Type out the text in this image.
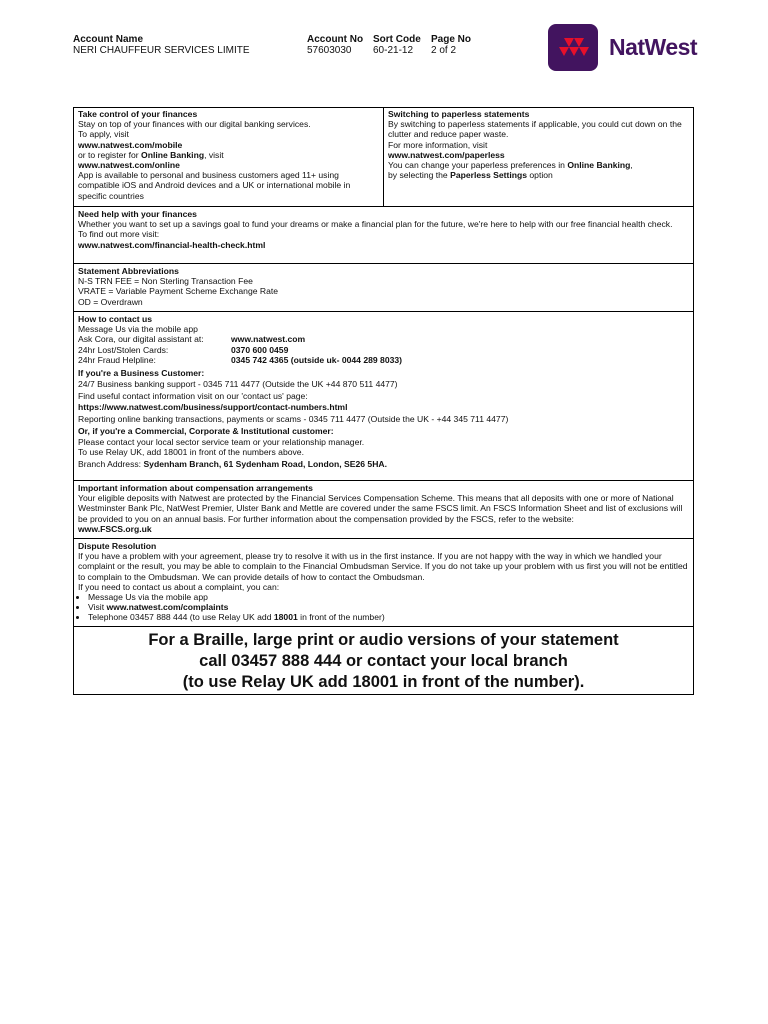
Account Name
NERI CHAUFFEUR SERVICES LIMITE
Account No
57603030
Sort Code
60-21-12
Page No
2 of 2	NatWest
Take control of your finances
Stay on top of your finances with our digital banking services.
To apply, visit
www.natwest.com/mobile
or to register for Online Banking, visit
www.natwest.com/online
App is available to personal and business customers aged 11+ using compatible iOS and Android devices and a UK or international mobile in specific countries
Switching to paperless statements
By switching to paperless statements if applicable, you could cut down on the clutter and reduce paper waste.
For more information, visit
www.natwest.com/paperless
You can change your paperless preferences in Online Banking,
by selecting the Paperless Settings option
Need help with your finances
Whether you want to set up a savings goal to fund your dreams or make a financial plan for the future, we're here to help with our free financial health check.
To find out more visit:
www.natwest.com/financial-health-check.html
Statement Abbreviations
N-S TRN FEE = Non Sterling Transaction Fee
VRATE = Variable Payment Scheme Exchange Rate
OD = Overdrawn
How to contact us
Message Us via the mobile app
Ask Cora, our digital assistant at:	www.natwest.com
24hr Lost/Stolen Cards:	0370 600 0459
24hr Fraud Helpline:	0345 742 4365 (outside uk- 0044 289 8033)
If you're a Business Customer:
24/7 Business banking support - 0345 711 4477 (Outside the UK +44 870 511 4477)
Find useful contact information visit on our 'contact us' page:
https://www.natwest.com/business/support/contact-numbers.html
Reporting online banking transactions, payments or scams - 0345 711 4477 (Outside the UK - +44 345 711 4477)
Or, if you're a Commercial, Corporate & Institutional customer:
Please contact your local sector service team or your relationship manager.
To use Relay UK, add 18001 in front of the numbers above.
Branch Address: Sydenham Branch, 61 Sydenham Road, London, SE26 5HA.
Important information about compensation arrangements
Your eligible deposits with Natwest are protected by the Financial Services Compensation Scheme. This means that all deposits with one or more of National Westminster Bank Plc, NatWest Premier, Ulster Bank and Mettle are covered under the same FSCS limit. An FSCS Information Sheet and list of exclusions will be provided to you on an annual basis. For further information about the compensation provided by the FSCS, refer to the website:
www.FSCS.org.uk
Dispute Resolution
If you have a problem with your agreement, please try to resolve it with us in the first instance. If you are not happy with the way in which we handled your complaint or the result, you may be able to complain to the Financial Ombudsman Service. If you do not take up your problem with us first you will not be entitled to complain to the Ombudsman. We can provide details of how to contact the Ombudsman.
If you need to contact us about a complaint, you can:
• Message Us via the mobile app
• Visit www.natwest.com/complaints
• Telephone 03457 888 444 (to use Relay UK add 18001 in front of the number)
For a Braille, large print or audio versions of your statement
call 03457 888 444 or contact your local branch
(to use Relay UK add 18001 in front of the number).
